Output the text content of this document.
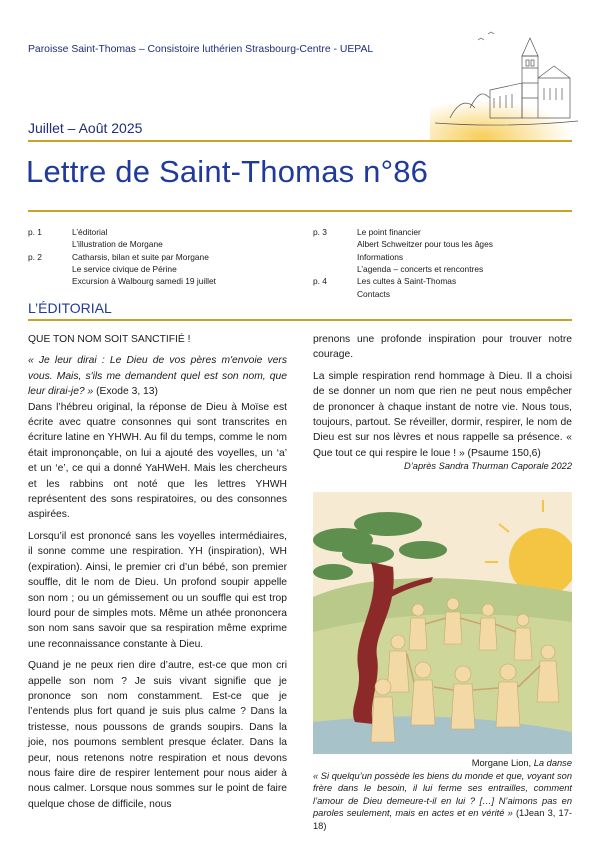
Paroisse Saint-Thomas – Consistoire luthérien Strasbourg-Centre - UEPAL
Juillet – Août 2025
Lettre de Saint-Thomas n°86
p. 1	L’éditorial
L’illustration de Morgane
p. 2	Catharsis, bilan et suite par Morgane
Le service civique de Périne
Excursion à Walbourg samedi 19 juillet
p. 3	Le point financier
Albert Schweitzer pour tous les âges
Informations
L’agenda – concerts et rencontres
p. 4	Les cultes à Saint-Thomas
Contacts
L’ÉDITORIAL

QUE TON NOM SOIT SANCTIFIÉ !

« Je leur dirai : Le Dieu de vos pères m'envoie vers vous. Mais, s'ils me demandent quel est son nom, que leur dirai-je? » (Exode 3, 13)

Dans l’hébreu original, la réponse de Dieu à Moïse est écrite avec quatre consonnes qui sont transcrites en écriture latine en YHWH. Au fil du temps, comme le nom était imprononçable, on lui a ajouté des voyelles, un ‘a’ et un ‘e’, ce qui a donné YaHWeH. Mais les chercheurs et les rabbins ont noté que les lettres YHWH représentent des sons respiratoires, ou des consonnes aspirées.

Lorsqu’il est prononcé sans les voyelles intermédiaires, il sonne comme une respiration. YH (inspiration), WH (expiration). Ainsi, le premier cri d’un bébé, son premier souffle, dit le nom de Dieu. Un profond soupir appelle son nom ; ou un gémissement ou un souffle qui est trop lourd pour de simples mots. Même un athée prononcera son nom sans savoir que sa respiration même exprime une reconnaissance constante à Dieu.

Quand je ne peux rien dire d’autre, est-ce que mon cri appelle son nom ? Je suis vivant signifie que je prononce son nom constamment. Est-ce que je l’entends plus fort quand je suis plus calme ? Dans la tristesse, nous poussons de grands soupirs. Dans la joie, nos poumons semblent presque éclater. Dans la peur, nous retenons notre respiration et nous devons nous faire dire de respirer lentement pour nous aider à nous calmer. Lorsque nous sommes sur le point de faire quelque chose de difficile, nous

prenons une profonde inspiration pour trouver notre courage.

La simple respiration rend hommage à Dieu. Il a choisi de se donner un nom que rien ne peut nous empêcher de prononcer à chaque instant de notre vie. Nous tous, toujours, partout. Se réveiller, dormir, respirer, le nom de Dieu est sur nos lèvres et nous rappelle sa présence. « Que tout ce qui respire le loue ! » (Psaume 150,6)

D’après Sandra Thurman Caporale 2022
Morgane Lion, La danse
« Si quelqu’un possède les biens du monde et que, voyant son frère dans le besoin, il lui ferme ses entrailles, comment l’amour de Dieu demeure-t-il en lui ? […] N’aimons pas en paroles seulement, mais en actes et en vérité » (1Jean 3, 17-18)
